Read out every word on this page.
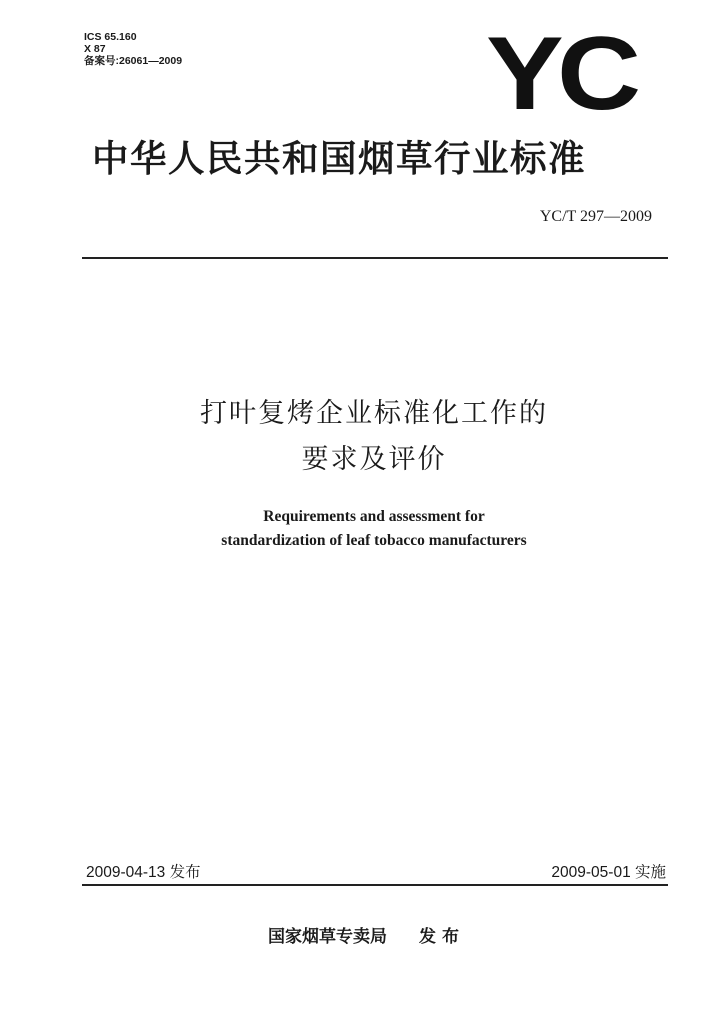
ICS 65.160
X 87
备案号:26061—2009	YC
中华人民共和国烟草行业标准
YC/T 297—2009
打叶复烤企业标准化工作的
要求及评价
Requirements and assessment for
standardization of leaf tobacco manufacturers
2009-04-13 发布	2009-05-01 实施
国家烟草专卖局 发布
